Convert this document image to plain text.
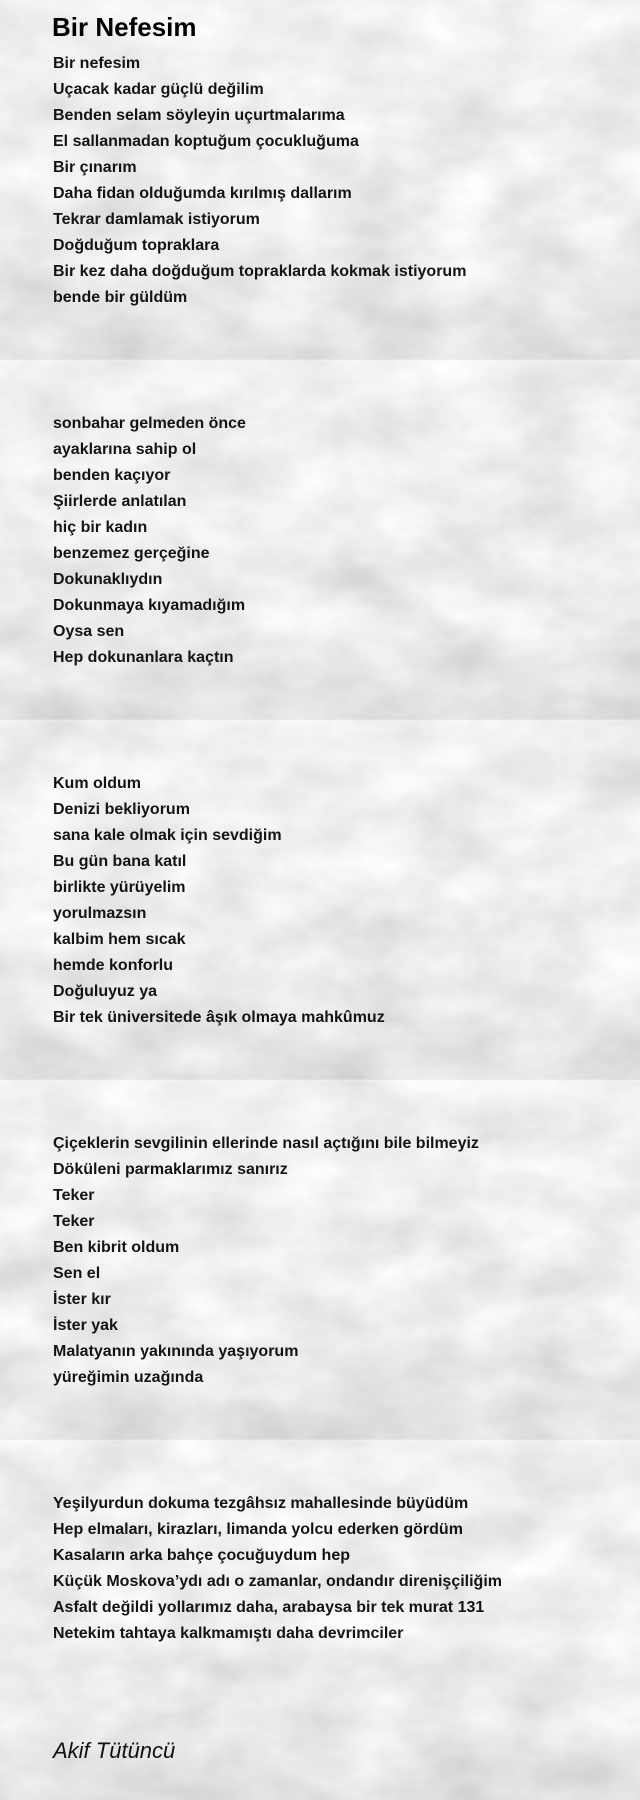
Bir Nefesim
Bir nefesim
Uçacak kadar güçlü değilim
Benden selam söyleyin uçurtmalarıma
El sallanmadan koptuğum çocukluğuma
Bir çınarım
Daha fidan olduğumda kırılmış dallarım
Tekrar damlamak istiyorum
Doğduğum topraklara
Bir kez daha doğduğum topraklarda kokmak istiyorum
bende bir güldüm
sonbahar gelmeden önce
ayaklarına sahip ol
benden kaçıyor
Şiirlerde anlatılan
hiç bir kadın
benzemez gerçeğine
Dokunaklıydın
Dokunmaya kıyamadığım
Oysa sen
Hep dokunanlara kaçtın
Kum oldum
Denizi bekliyorum
sana kale olmak için sevdiğim
Bu gün bana katıl
birlikte yürüyelim
yorulmazsın
kalbim hem sıcak
hemde konforlu
Doğuluyuz ya
Bir tek üniversitede âşık olmaya mahkûmuz
Çiçeklerin sevgilinin ellerinde nasıl açtığını bile bilmeyiz
Döküleni parmaklarımız sanırız
Teker
Teker
Ben kibrit oldum
Sen el
İster kır
İster yak
Malatyanın yakınında yaşıyorum
yüreğimin uzağında
Yeşilyurdun dokuma tezgâhsız mahallesinde büyüdüm
Hep elmaları, kirazları, limanda yolcu ederken gördüm
Kasaların arka bahçe çocuğuydum hep
Küçük Moskova’ydı adı o zamanlar, ondandır direnişçiliğim
Asfalt değildi yollarımız daha, arabaysa bir tek murat 131
Netekim tahtaya kalkmamıştı daha devrimciler
Akif Tütüncü
